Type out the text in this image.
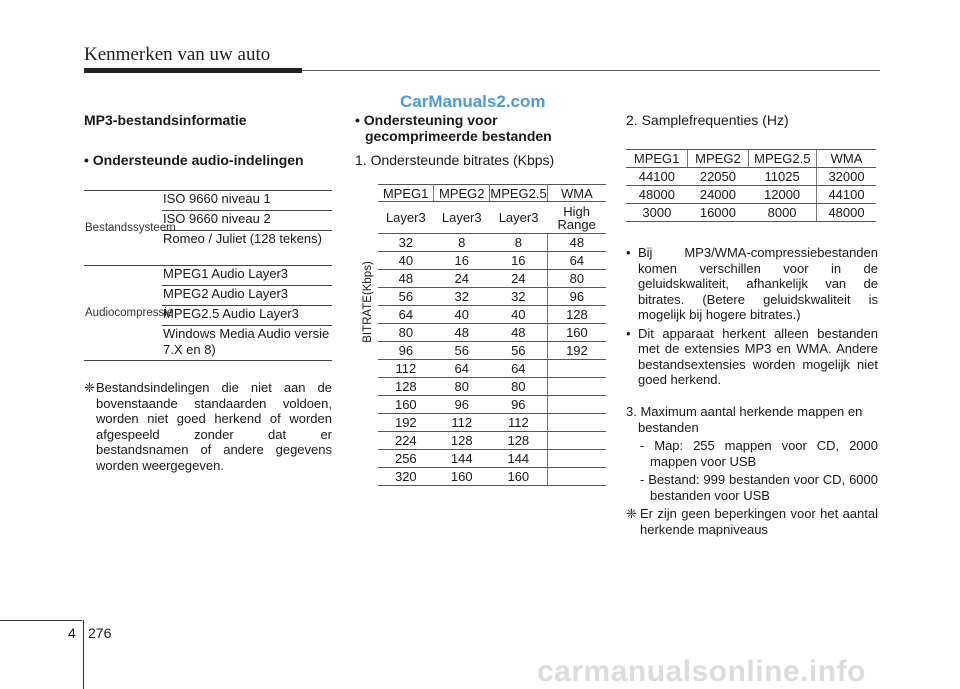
Kenmerken van uw auto
CarManuals2.com
MP3-bestandsinformatie
• Ondersteunde audio-indelingen
Bestandssysteem	ISO 9660 niveau 1
	ISO 9660 niveau 2
	Romeo / Juliet (128 tekens)

Audiocompressie	MPEG1 Audio Layer3
	MPEG2 Audio Layer3
	MPEG2.5 Audio Layer3
	Windows Media Audio versie 7.X en 8)
❈ Bestandsindelingen die niet aan de bovenstaande standaarden voldoen, worden niet goed herkend of worden afgespeeld zonder dat er bestandsnamen of andere gegevens worden weergegeven.
• Ondersteuning voor gecomprimeerde bestanden
1. Ondersteunde bitrates (Kbps)
BITRATE(Kbps)
MPEG1	MPEG2	MPEG2.5	WMA
Layer3	Layer3	Layer3	High Range

32	8	8	48
40	16	16	64
48	24	24	80
56	32	32	96
64	40	40	128
80	48	48	160
96	56	56	192
112	64	64	
128	80	80	
160	96	96	
192	112	112	
224	128	128	
256	144	144	
320	160	160	
2. Samplefrequenties (Hz)
MPEG1	MPEG2	MPEG2.5	WMA
44100	22050	11025	32000
48000	24000	12000	44100
3000	16000	8000	48000
• Bij MP3/WMA-compressiebestanden komen verschillen voor in de geluidskwaliteit, afhankelijk van de bitrates. (Betere geluidskwaliteit is mogelijk bij hogere bitrates.)
• Dit apparaat herkent alleen bestanden met de extensies MP3 en WMA. Andere bestandsextensies worden mogelijk niet goed herkend.
3. Maximum aantal herkende mappen en bestanden
- Map: 255 mappen voor CD, 2000 mappen voor USB
- Bestand: 999 bestanden voor CD, 6000 bestanden voor USB
❈ Er zijn geen beperkingen voor het aantal herkende mapniveaus
4 276
carmanualsonline.info
